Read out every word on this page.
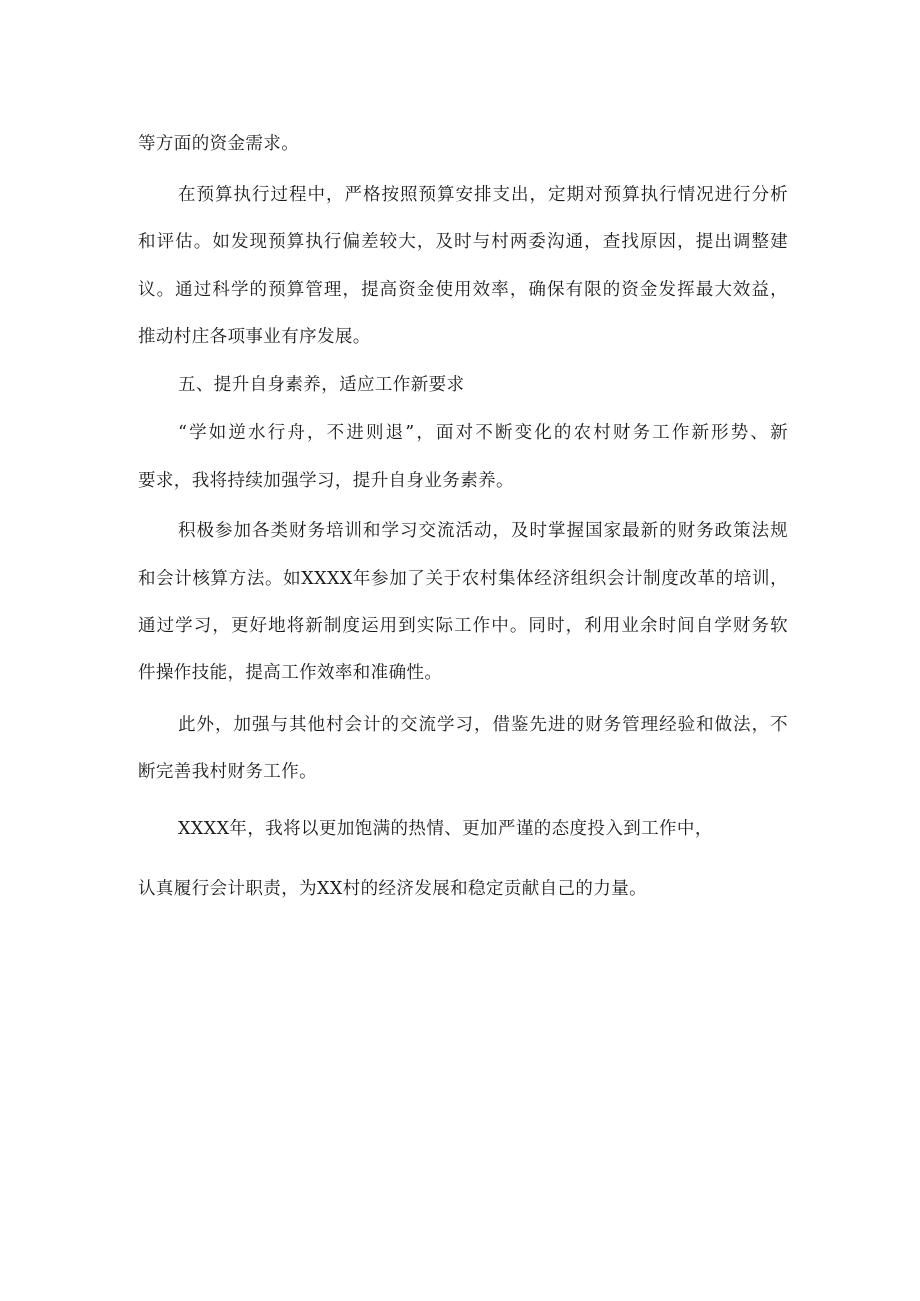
等方面的资金需求。
在预算执行过程中，严格按照预算安排支出，定期对预算执行情况进行分析
和评估。如发现预算执行偏差较大，及时与村两委沟通，查找原因，提出调整建
议。通过科学的预算管理，提高资金使用效率，确保有限的资金发挥最大效益，
推动村庄各项事业有序发展。
五、提升自身素养，适应工作新要求
“学如逆水行舟，不进则退”，面对不断变化的农村财务工作新形势、新
要求，我将持续加强学习，提升自身业务素养。
积极参加各类财务培训和学习交流活动，及时掌握国家最新的财务政策法规
和会计核算方法。如XXXX年参加了关于农村集体经济组织会计制度改革的培训，
通过学习，更好地将新制度运用到实际工作中。同时，利用业余时间自学财务软
件操作技能，提高工作效率和准确性。
此外，加强与其他村会计的交流学习，借鉴先进的财务管理经验和做法，不
断完善我村财务工作。
XXXX年，我将以更加饱满的热情、更加严谨的态度投入到工作中，
认真履行会计职责，为XX村的经济发展和稳定贡献自己的力量。
